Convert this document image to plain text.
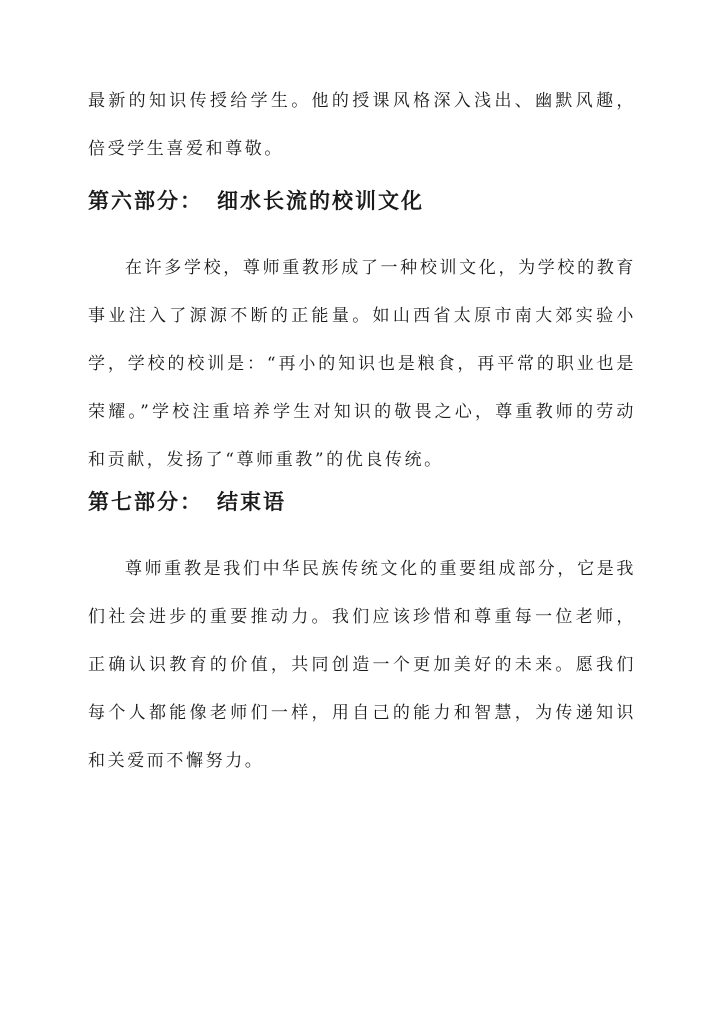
最新的知识传授给学生。他的授课风格深入浅出、幽默风趣，倍受学生喜爱和尊敬。

第六部分： 细水长流的校训文化

在许多学校，尊师重教形成了一种校训文化，为学校的教育事业注入了源源不断的正能量。如山西省太原市南大郊实验小学，学校的校训是：“再小的知识也是粮食，再平常的职业也是荣耀。”学校注重培养学生对知识的敬畏之心，尊重教师的劳动和贡献，发扬了“尊师重教”的优良传统。

第七部分： 结束语

尊师重教是我们中华民族传统文化的重要组成部分，它是我们社会进步的重要推动力。我们应该珍惜和尊重每一位老师，正确认识教育的价值，共同创造一个更加美好的未来。愿我们每个人都能像老师们一样，用自己的能力和智慧，为传递知识和关爱而不懈努力。
